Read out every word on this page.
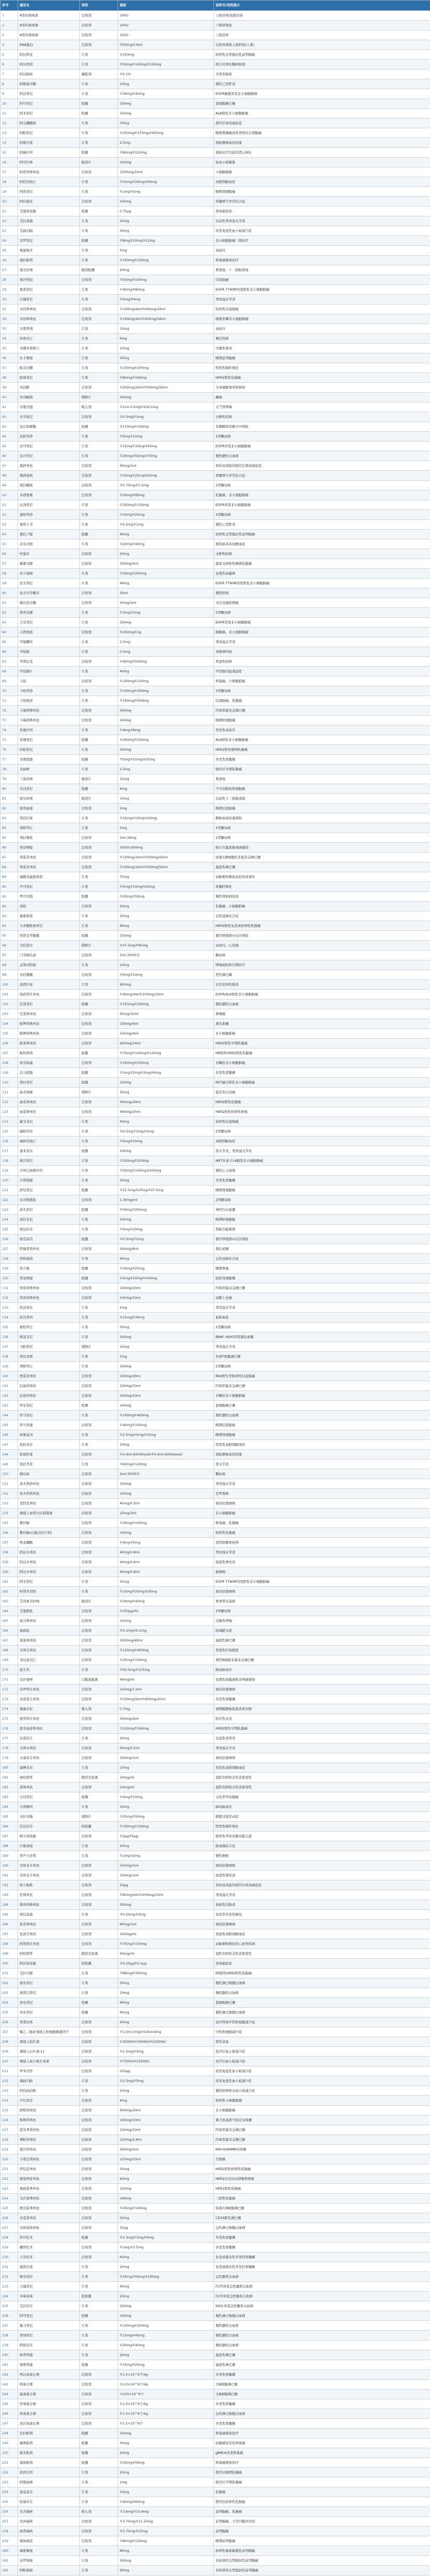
序号	通用名	剂型	规格	说明书/用药提示
1	A型肉毒毒素	注射剂	100U	上睑痉挛/面肌痉挛
2	A型肉毒毒素	注射剂	100U	下颌部皱纹
3	A型肉毒毒素	注射剂	100U	上肢痉挛
4	RNA蛋白	注射剂	②50mg/0.6ml	注射用重组人组织促(人重)
5	阿比特龙	片剂	①250mg	转移性去势抵抗性前列腺癌
6	阿贝西利	片剂	①50mg②100mg③150mg	联合芳香化酶抑制剂
7	阿达帕林	凝胶剂	①0.1%	寻常型痤疮
8	阿德福韦酯	片剂	10mg	慢性乙型肝炎
9	阿法替尼	片剂	①30mg②40mg	EGFR敏感突变非小细胞肺癌
10	阿可替尼	胶囊	100mg	套细胞淋巴瘤
11	阿来替尼	胶囊	150mg	ALK阳性非小细胞肺癌
12	阿仑膦酸钠	片剂	70mg	绝经后骨质疏松症
13	阿帕替尼	片剂	①250mg②375mg③425mg	晚期胃腺癌或胃食管结合部腺癌
14	阿哌沙班	片剂	2.5mg	预防静脉血栓栓塞
15	阿瑞匹坦	胶囊	①80mg②125mg	预防化疗引起的恶心呕吐
16	阿司匹林	肠溶片	100mg	抗血小板聚集
17	阿替利珠单抗	注射剂	1200mg/20ml	小细胞肺癌
18	阿托伐他汀	片剂	①10mg②20mg③40mg	高胆固醇血症
19	阿昔替尼	片剂	①1mg②5mg	晚期肾细胞癌
20	阿扎胞苷	注射剂	100mg	骨髓增生异常综合征
21	艾地骨化醇	胶囊	0.75μg	骨质疏松症
22	艾拉莫德	片剂	25mg	活动性类风湿关节炎
23	艾曲泊帕	片剂	25mg	原发免疫性血小板减少症
24	安罗替尼	胶囊	①8mg②10mg③12mg	非小细胞肺癌三线治疗
25	氨氯地平	片剂	5mg	高血压
26	奥拉帕利	片剂	①100mg②150mg	卵巢癌维持治疗
27	奥美拉唑	肠溶胶囊	20mg	胃溃疡、十二指肠溃疡
28	奥沙利铂	注射剂	①50mg②100mg	结直肠癌
29	奥希替尼	片剂	①40mg②80mg	EGFR T790M突变阳性非小细胞肺癌
30	巴瑞替尼	片剂	①2mg②4mg	类风湿关节炎
31	贝伐珠单抗	注射剂	①100mg/4ml②400mg/16ml	转移性结直肠癌
32	贝伐珠单抗	注射剂	①100mg/4ml②400mg/16ml	晚期非鳞非小细胞肺癌
33	贝那普利	片剂	10mg	高血压
34	倍他司汀	片剂	6mg	梅尼埃病
35	苯磺贝他斯汀	片剂	10mg	过敏性鼻炎
36	比卡鲁胺	片剂	50mg	晚期前列腺癌
37	吡非尼酮	片剂	①100mg②200mg	特发性肺纤维化
38	吡咯替尼	片剂	①80mg②160mg	HER2阳性乳腺癌
39	丙泊酚	注射剂	①200mg/20ml②500mg/50ml	全身麻醉诱导和维持
40	丙戊酸钠	缓释片	500mg	癫痫
41	布地奈德	吸入剂	①1ml:0.5mg②2ml:1mg	支气管哮喘
42	布美他尼	注射剂	①0.5mg②1mg	水肿性疾病
43	达比加群酯	胶囊	①110mg②150mg	非瓣膜性房颤卒中预防
44	达格列净	片剂	①5mg②10mg	2型糖尿病
45	达可替尼	片剂	①15mg②30mg③45mg	EGFR突变非小细胞肺癌
46	达沙替尼	片剂	①20mg②50mg③70mg	慢性髓性白血病
47	地舒单抗	注射剂	60mg/1ml	骨折高风险的绝经后骨质疏松症
48	地西他滨	注射剂	①10mg②25mg③50mg	骨髓增生异常综合征
49	度拉糖肽	注射剂	①0.75mg②1.5mg	2型糖尿病
50	多西他赛	注射剂	①20mg②80mg	乳腺癌、非小细胞肺癌
51	厄洛替尼	片剂	①100mg②150mg	EGFR突变非小细胞肺癌
52	恩格列净	片剂	①10mg②25mg	2型糖尿病
53	恩替卡韦	片剂	①0.5mg②1mg	慢性乙型肝炎
54	恩扎卢胺	胶囊	40mg	转移性去势抵抗性前列腺癌
55	非布司他	片剂	①20mg②40mg	痛风患者高尿酸血症
56	呋塞米	注射剂	20mg	水肿性疾病
57	氟维司群	注射剂	250mg/5ml	激素受体阳性晚期乳腺癌
58	伏立康唑	片剂	①50mg②200mg	侵袭性曲霉病
59	伏美替尼	片剂	40mg	EGFR T790M突变阳性非小细胞肺癌
60	复方甘草酸苷	注射剂	20ml	慢性肝病
61	氟比洛芬酯	注射剂	50mg/5ml	术后及癌症镇痛
62	格列美脲	片剂	①1mg②2mg	2型糖尿病
63	吉非替尼	片剂	250mg	EGFR突变非小细胞肺癌
64	吉西他滨	注射剂	①200mg②1g	胰腺癌、非小细胞肺癌
65	甲氨蝶呤	片剂	2.5mg	类风湿关节炎
66	甲钴胺	片剂	0.5mg	周围神经病
67	甲泼尼龙	注射剂	①40mg②500mg	风湿性疾病
68	甲状腺片	片剂	40mg	甲状腺功能减退症
69	卡铂	注射剂	①100mg②150mg	卵巢癌、小细胞肺癌
70	卡格列净	片剂	①100mg②300mg	2型糖尿病
71	卡培他滨	片剂	①150mg②500mg	结直肠癌、乳腺癌
72	卡瑞利珠单抗	注射剂	200mg	经典型霍奇金淋巴瘤
73	卡瑞利珠单抗	注射剂	200mg	晚期肝细胞癌
74	坎地沙坦	片剂	①4mg②8mg	原发性高血压
75	克唑替尼	胶囊	①200mg②250mg	ALK阳性非小细胞肺癌
76	拉帕替尼	片剂	250mg	HER2阳性晚期乳腺癌
77	来那度胺	胶囊	①5mg②10mg③25mg	多发性骨髓瘤
78	来曲唑	片剂	2.5mg	绝经后早期乳腺癌
79	兰索拉唑	肠溶片	15mg	胃溃疡
80	乐伐替尼	胶囊	4mg	不可切除的肝细胞癌
81	雷贝拉唑	肠溶片	10mg	活动性十二指肠溃疡
82	雷替曲塞	注射剂	2mg	晚期结直肠癌
83	利伐沙班	片剂	①10mg②15mg③20mg	静脉血栓栓塞预防
84	利格列汀	片剂	5mg	2型糖尿病
85	利拉鲁肽	注射剂	3ml:18mg	2型糖尿病
86	利奈唑胺	注射剂	300ml:600mg	耐万古霉素肠球菌感染
87	利妥昔单抗	注射剂	①100mg/10ml②500mg/50ml	弥漫大B细胞性非霍奇金淋巴瘤
88	利妥昔单抗	注射剂	①100mg/10ml②500mg/50ml	滤泡性淋巴瘤
89	硫酸氢氯吡格雷	片剂	75mg	动脉粥样硬化血栓形成事件
90	芦可替尼	片剂	①5mg②15mg③20mg	骨髓纤维化
91	罗沙司他	胶囊	①20mg②50mg	慢性肾脏病贫血
92	洛铂	注射剂	50mg	乳腺癌、小细胞肺癌
93	氯吡格雷	片剂	25mg	急性冠脉综合征
94	马来酸吡咯替尼	片剂	80mg	HER2阳性复发或转移性乳腺癌
95	吗替麦考酚酯	胶囊	250mg	器官移植排斥反应预防
96	美托洛尔	缓释片	①47.5mg②95mg	高血压、心绞痛
97	门冬胰岛素	注射剂	3ml:300单位	糖尿病
98	孟鲁司特钠	片剂	10mg	哮喘预防和长期治疗
99	米托蒽醌	注射剂	①5mg②10mg	恶性淋巴瘤
100	莫西沙星	片剂	400mg	社区获得性肺炎
101	纳武利尤单抗	注射剂	①40mg/4ml②100mg/10ml	EGFR/ALK阴性非小细胞肺癌
102	尼洛替尼	胶囊	①150mg②200mg	慢性髓性白血病
103	尼妥珠单抗	注射剂	50mg/10ml	鼻咽癌
104	帕博利珠单抗	注射剂	100mg/4ml	黑色素瘤
105	帕博利珠单抗	注射剂	100mg/4ml	非小细胞肺癌
106	帕妥珠单抗	注射剂	420mg/14ml	HER2阳性早期乳腺癌
107	哌柏西利	胶囊	①75mg②100mg③125mg	HR阳性HER2阴性乳腺癌
108	培美曲塞	注射剂	①100mg②500mg	非鳞状非小细胞肺癌
109	泊马度胺	胶囊	①1mg②2mg③3mg④4mg	多发性骨髓瘤
110	普拉替尼	胶囊	100mg	RET融合阳性非小细胞肺癌
111	曲美他嗪	缓释片	35mg	稳定型心绞痛
112	曲妥珠单抗	注射剂	440mg/20ml	HER2阳性乳腺癌
113	曲妥珠单抗	注射剂	440mg/20ml	HER2阳性转移性胃癌
114	瑞戈非尼	片剂	40mg	转移性结直肠癌
115	瑞格列奈	片剂	①0.5mg②1mg②2mg	2型糖尿病
116	瑞舒伐他汀	片剂	①5mg②10mg	高胆固醇血症
117	塞来昔布	胶囊	200mg	骨关节炎、类风湿关节炎
118	赛沃替尼	片剂	①100mg②200mg	MET外显子14跳变非小细胞肺癌
119	沙库巴曲缬沙坦	片剂	①50mg②100mg③200mg	慢性心力衰竭
120	沙利度胺	片剂	25mg	多发性骨髓瘤
121	舒尼替尼	胶囊	①12.5mg②25mg③37.5mg	晚期肾细胞癌
122	司美格鲁肽	注射剂	1.34mg/ml	2型糖尿病
123	索凡替尼	胶囊	①50mg②200mg	神经内分泌瘤
124	索拉非尼	片剂	200mg	晚期肝细胞癌
125	他达拉非	片剂	①5mg②20mg	勃起功能障碍
126	他克莫司	胶囊	①0.5mg②1mg	器官移植排斥反应预防
127	特瑞普利单抗	注射剂	240mg/6ml	黑色素瘤
128	替格瑞洛	片剂	90mg	急性冠脉综合征
129	替吉奥	胶囊	①20mg②25mg	晚期胃癌
130	替莫唑胺	胶囊	①5mg②20mg③100mg	胶质母细胞瘤
131	替雷利珠单抗	注射剂	100mg/10ml	经典型霍奇金淋巴瘤
132	替雷利珠单抗	注射剂	100mg/10ml	尿路上皮癌
133	托法替布	片剂	5mg	类风湿关节炎
134	托伐普坦	片剂	①15mg②30mg	低钠血症
135	维格列汀	片剂	50mg	2型糖尿病
136	维莫非尼	片剂	240mg	BRAF V600突变黑色素瘤
137	乌帕替尼	缓释片	15mg	类风湿关节炎
138	西达本胺	片剂	5mg	外周T细胞淋巴瘤
139	西格列汀	片剂	100mg	2型糖尿病
140	西妥昔单抗	注射剂	100mg/20ml	RAS野生型转移性结直肠癌
141	信迪利单抗	注射剂	100mg/10ml	经典型霍奇金淋巴瘤
142	信迪利单抗	注射剂	100mg/10ml	非鳞状非小细胞肺癌
143	伊布替尼	胶囊	140mg	套细胞淋巴瘤
144	伊马替尼	片剂	①100mg②400mg	慢性髓性白血病
145	伊立替康	注射剂	①40mg②100mg	晚期结直肠癌
146	依维莫司	片剂	①2.5mg②5mg③10mg	晚期肾细胞癌
147	依折麦布	片剂	10mg	原发性高胆固醇血症
148	依诺肝素	注射剂	①0.4ml:4000AxaIU②0.6ml:6000AxaIU	预防静脉血栓栓塞
149	依托考昔	片剂	①60mg②120mg	骨关节炎
150	胰岛素	注射剂	3ml:300单位	糖尿病
151	英夫利西单抗	注射剂	100mg	类风湿关节炎
152	英夫利西单抗	注射剂	100mg	克罗恩病
153	优特克单抗	注射剂	45mg/0.5ml	斑块状银屑病
154	重组人血管内皮抑制素	注射剂	15mg/3ml	非小细胞肺癌
155	紫杉醇	注射剂	①30mg②100mg	卵巢癌、乳腺癌
156	紫杉醇(白蛋白结合型)	注射剂	100mg	转移性乳腺癌
157	唑来膦酸	注射剂	①4mg②5mg	恶性肿瘤骨转移
158	阿达木单抗	注射剂	40mg/0.8ml	类风湿关节炎
159	阿达木单抗	注射剂	40mg/0.8ml	强直性脊柱炎
160	阿达木单抗	注射剂	40mg/0.8ml	银屑病
161	阿美替尼	片剂	55mg	EGFR T790M突变阳性非小细胞肺癌
162	阿普米司特	片剂	①10mg②20mg③30mg	斑块状银屑病
163	艾司奥美拉唑	肠溶片	①20mg②40mg	胃食管反流病
164	艾塞那肽	注射剂	①250μg/ml	2型糖尿病
165	奥马珠单抗	注射剂	150mg	过敏性哮喘
166	奥曲肽	注射剂	①0.1mg②0.2mg	肢端肥大症
167	奥妥珠单抗	注射剂	1000mg/40ml	滤泡性淋巴瘤
168	贝利尤单抗	注射剂	①120mg②400mg	系统性红斑狼疮
169	苯达莫司汀	注射剂	①25mg②100mg	惰性B细胞非霍奇金淋巴瘤
170	波生坦	片剂	①62.5mg②125mg	肺动脉高压
171	泊沙康唑	口服混悬液	40mg/ml	侵袭性曲霉菌和念珠菌感染
172	布罗利尤单抗	注射剂	210mg/1.5ml	斑块状银屑病
173	达雷妥尤单抗	注射剂	①100mg/5ml②400mg/20ml	多发性骨髓瘤
174	地塞米松	植入剂	0.7mg	视网膜静脉阻塞黄斑水肿
175	度普利尤单抗	注射剂	300mg/2ml	特应性皮炎
176	恩美曲妥珠单抗	注射剂	①100mg②160mg	HER2阳性早期乳腺癌
177	伏诺拉生	片剂	20mg	反流性食管炎
178	戈利木单抗	注射剂	50mg/0.5ml	类风湿关节炎
179	古塞奇尤单抗	注射剂	100mg/1ml	斑块状银屑病
180	海博麦布	片剂	10mg	原发性高胆固醇血症
181	康柏西普	眼用注射液	10mg/ml	湿性年龄相关性黄斑变性
182	雷珠单抗	注射剂	10mg/ml	湿性年龄相关性黄斑变性
183	仑伐替尼	胶囊	①4mg②10mg	分化型甲状腺癌
184	马昔腾坦	片剂	10mg	肺动脉高压
185	米拉贝隆	缓释片	①25mg②50mg	膀胱过度活动症
186	尼达尼布	软胶囊	①100mg②150mg	特发性肺纤维化
187	帕立骨化醇	注射剂	①2μg②5μg	继发性甲状旁腺功能亢进
188	匹维溴铵	片剂	50mg	肠易激综合征
189	普芦卡必利	片剂	①1mg②2mg	慢性便秘
190	司库奇尤单抗	注射剂	150mg/1ml	斑块状银屑病
191	司库奇尤单抗	注射剂	150mg/1ml	强直性脊柱炎
192	特立帕肽	注射剂	20μg	骨折高风险的绝经后骨质疏松症
193	托珠单抗	注射剂	①80mg/4ml②200mg/10ml	类风湿关节炎
194	维得利珠单抗	注射剂	300mg	溃疡性结肠炎
195	西尼莫德	片剂	①0.25mg②2mg	复发型多发性硬化
196	依奇珠单抗	注射剂	80mg/1ml	斑块状银屑病
197	依洛尤单抗	注射剂	140mg/ml	家族性高胆固醇血症
198	阿利西尤单抗	注射剂	①75mg②150mg	动脉粥样硬化性心血管疾病
199	阿柏西普	眼用注射液	40mg/ml	湿性年龄相关性黄斑变性
200	阿法骨化醇	软胶囊	①0.25μg②0.5μg	骨质疏松症
201	艾拉司群	片剂	①86mg②345mg	ER阳性HER2阴性乳腺癌
202	奥布替尼	片剂	50mg	慢性淋巴细胞白血病
203	奥雷巴替尼	片剂	10mg	慢性髓性白血病
204	泽布替尼	胶囊	80mg	套细胞淋巴瘤
205	泽布替尼	胶囊	80mg	慢性淋巴细胞白血病
206	普那布林	注射剂	20mg	化疗所致中性粒细胞减少症
207	聚乙二醇化重组人粒细胞刺激因子	注射剂	①1.0ml:3mg②0.6ml:6mg	中性粒细胞减少症
208	重组人促红素	注射剂	①2000IU②3000IU③10000IU	肾性贫血
209	重组人白介素-11	注射剂	①1.5mg②3mg	化疗后血小板减少症
210	重组人血小板生成素	注射剂	①7500U②15000U	化疗后血小板减少症
211	罗米司亭	注射剂	250μg	原发免疫性血小板减少症
212	海曲泊帕	片剂	①2.5mg②5mg	原发免疫性血小板减少症
213	阿伐曲泊帕	片剂	20mg	慢性肝病相关血小板减少症
214	芦比替定	注射剂	4mg	转移性小细胞肺癌
215	舒格利单抗	注射剂	600mg/20ml	非小细胞肺癌
216	斯鲁利单抗	注射剂	100mg/10ml	微卫星高度不稳定实体瘤
217	派安普利单抗	注射剂	100mg/10ml	经典型霍奇金淋巴瘤
218	赛帕利单抗	注射剂	120mg/2.4ml	经典型霍奇金淋巴瘤
219	恩沃利单抗	注射剂	200mg/1ml	MSI-H/dMMR实体瘤
220	卡度尼利单抗	注射剂	125mg/10ml	宫颈癌
221	伊尼妥单抗	注射剂	50mg	HER2阳性转移性乳腺癌
222	维迪西妥单抗	注射剂	60mg	HER2过表达局部晚期胃癌
223	德曲妥珠单抗	注射剂	100mg	HER2阳性乳腺癌
224	戈沙妥珠单抗	注射剂	180mg	三阴性乳腺癌
225	维泊妥珠单抗	注射剂	①30mg②140mg	弥漫大B细胞淋巴瘤
226	本妥昔单抗	注射剂	50mg	CD30阳性淋巴瘤
227	贝林妥欧单抗	注射剂	35μg	急性淋巴细胞白血病
228	伊沙佐米	胶囊	①2.3mg②3mg③4mg	多发性骨髓瘤
229	硼替佐米	注射剂	①1mg②3.5mg	多发性骨髓瘤
230	卡非佐米	注射剂	60mg	复发或难治性多发性骨髓瘤
231	塞利尼索	片剂	20mg	复发或难治性多发性骨髓瘤
232	维奈克拉	片剂	①10mg②50mg③100mg	急性髓系白血病
233	吉瑞替尼	片剂	40mg	FLT3突变急性髓系白血病
234	米哚妥林	软胶囊	25mg	FLT3突变急性髓系白血病
235	艾伏尼布	片剂	250mg	IDH1突变急性髓系白血病
236	阿可替尼	胶囊	100mg	慢性淋巴细胞白血病
237	氟马替尼	片剂	①100mg②200mg	慢性髓性白血病
238	普纳替尼	片剂	①15mg②45mg	慢性髓性白血病
239	阿思尼布	片剂	①20mg②40mg	慢性髓性白血病
240	林普利塞	片剂	20mg	滤泡性淋巴瘤
241	度维利塞	胶囊	①15mg②25mg	滤泡性淋巴瘤
242	西达基奥仑赛	注射剂	①1.5×10^6个/kg	多发性骨髓瘤
243	阿基仑赛	注射剂	①2.0×10^6个/kg	大B细胞淋巴瘤
244	瑞基奥仑赛	注射剂	①100×10^6个	大B细胞淋巴瘤
245	伊基奥仑赛	注射剂	①1.0×10^6个/kg	多发性骨髓瘤
246	纳基奥仑赛	注射剂	①1.0×10^6个/kg	急性淋巴细胞白血病
247	泽沃基奥仑赛	注射剂	①1.5×10^8个	多发性骨髓瘤
248	尼拉帕利	胶囊	100mg	卵巢癌维持治疗
249	氟唑帕利	胶囊	50mg	铂敏感复发性卵巢癌
250	帕米帕利	胶囊	20mg	gBRCA突变卵巢癌
251	塞纳帕利	胶囊	①20mg②50mg	卵巢癌维持治疗
252	依西美坦	片剂	25mg	绝经后晚期乳腺癌
253	阿那曲唑	片剂	1mg	绝经后早期乳腺癌
254	他莫昔芬	片剂	10mg	乳腺癌
255	托瑞米芬	片剂	①40mg②60mg	绝经后转移性乳腺癌
256	戈舍瑞林	植入剂	①3.6mg②10.8mg	前列腺癌、乳腺癌
257	亮丙瑞林	注射剂	①3.75mg②11.25mg	前列腺癌、子宫内膜异位症
258	曲普瑞林	注射剂	①3.75mg②15mg	前列腺癌
259	地加瑞克	注射剂	①80mg②120mg	晚期前列腺癌
260	瑞维鲁胺	片剂	80mg	转移性激素敏感性前列腺癌
261	达罗他胺	片剂	300mg	非转移性去势抵抗性前列腺癌
262	阿帕他胺	片剂	60mg	非转移性去势抵抗性前列腺癌
